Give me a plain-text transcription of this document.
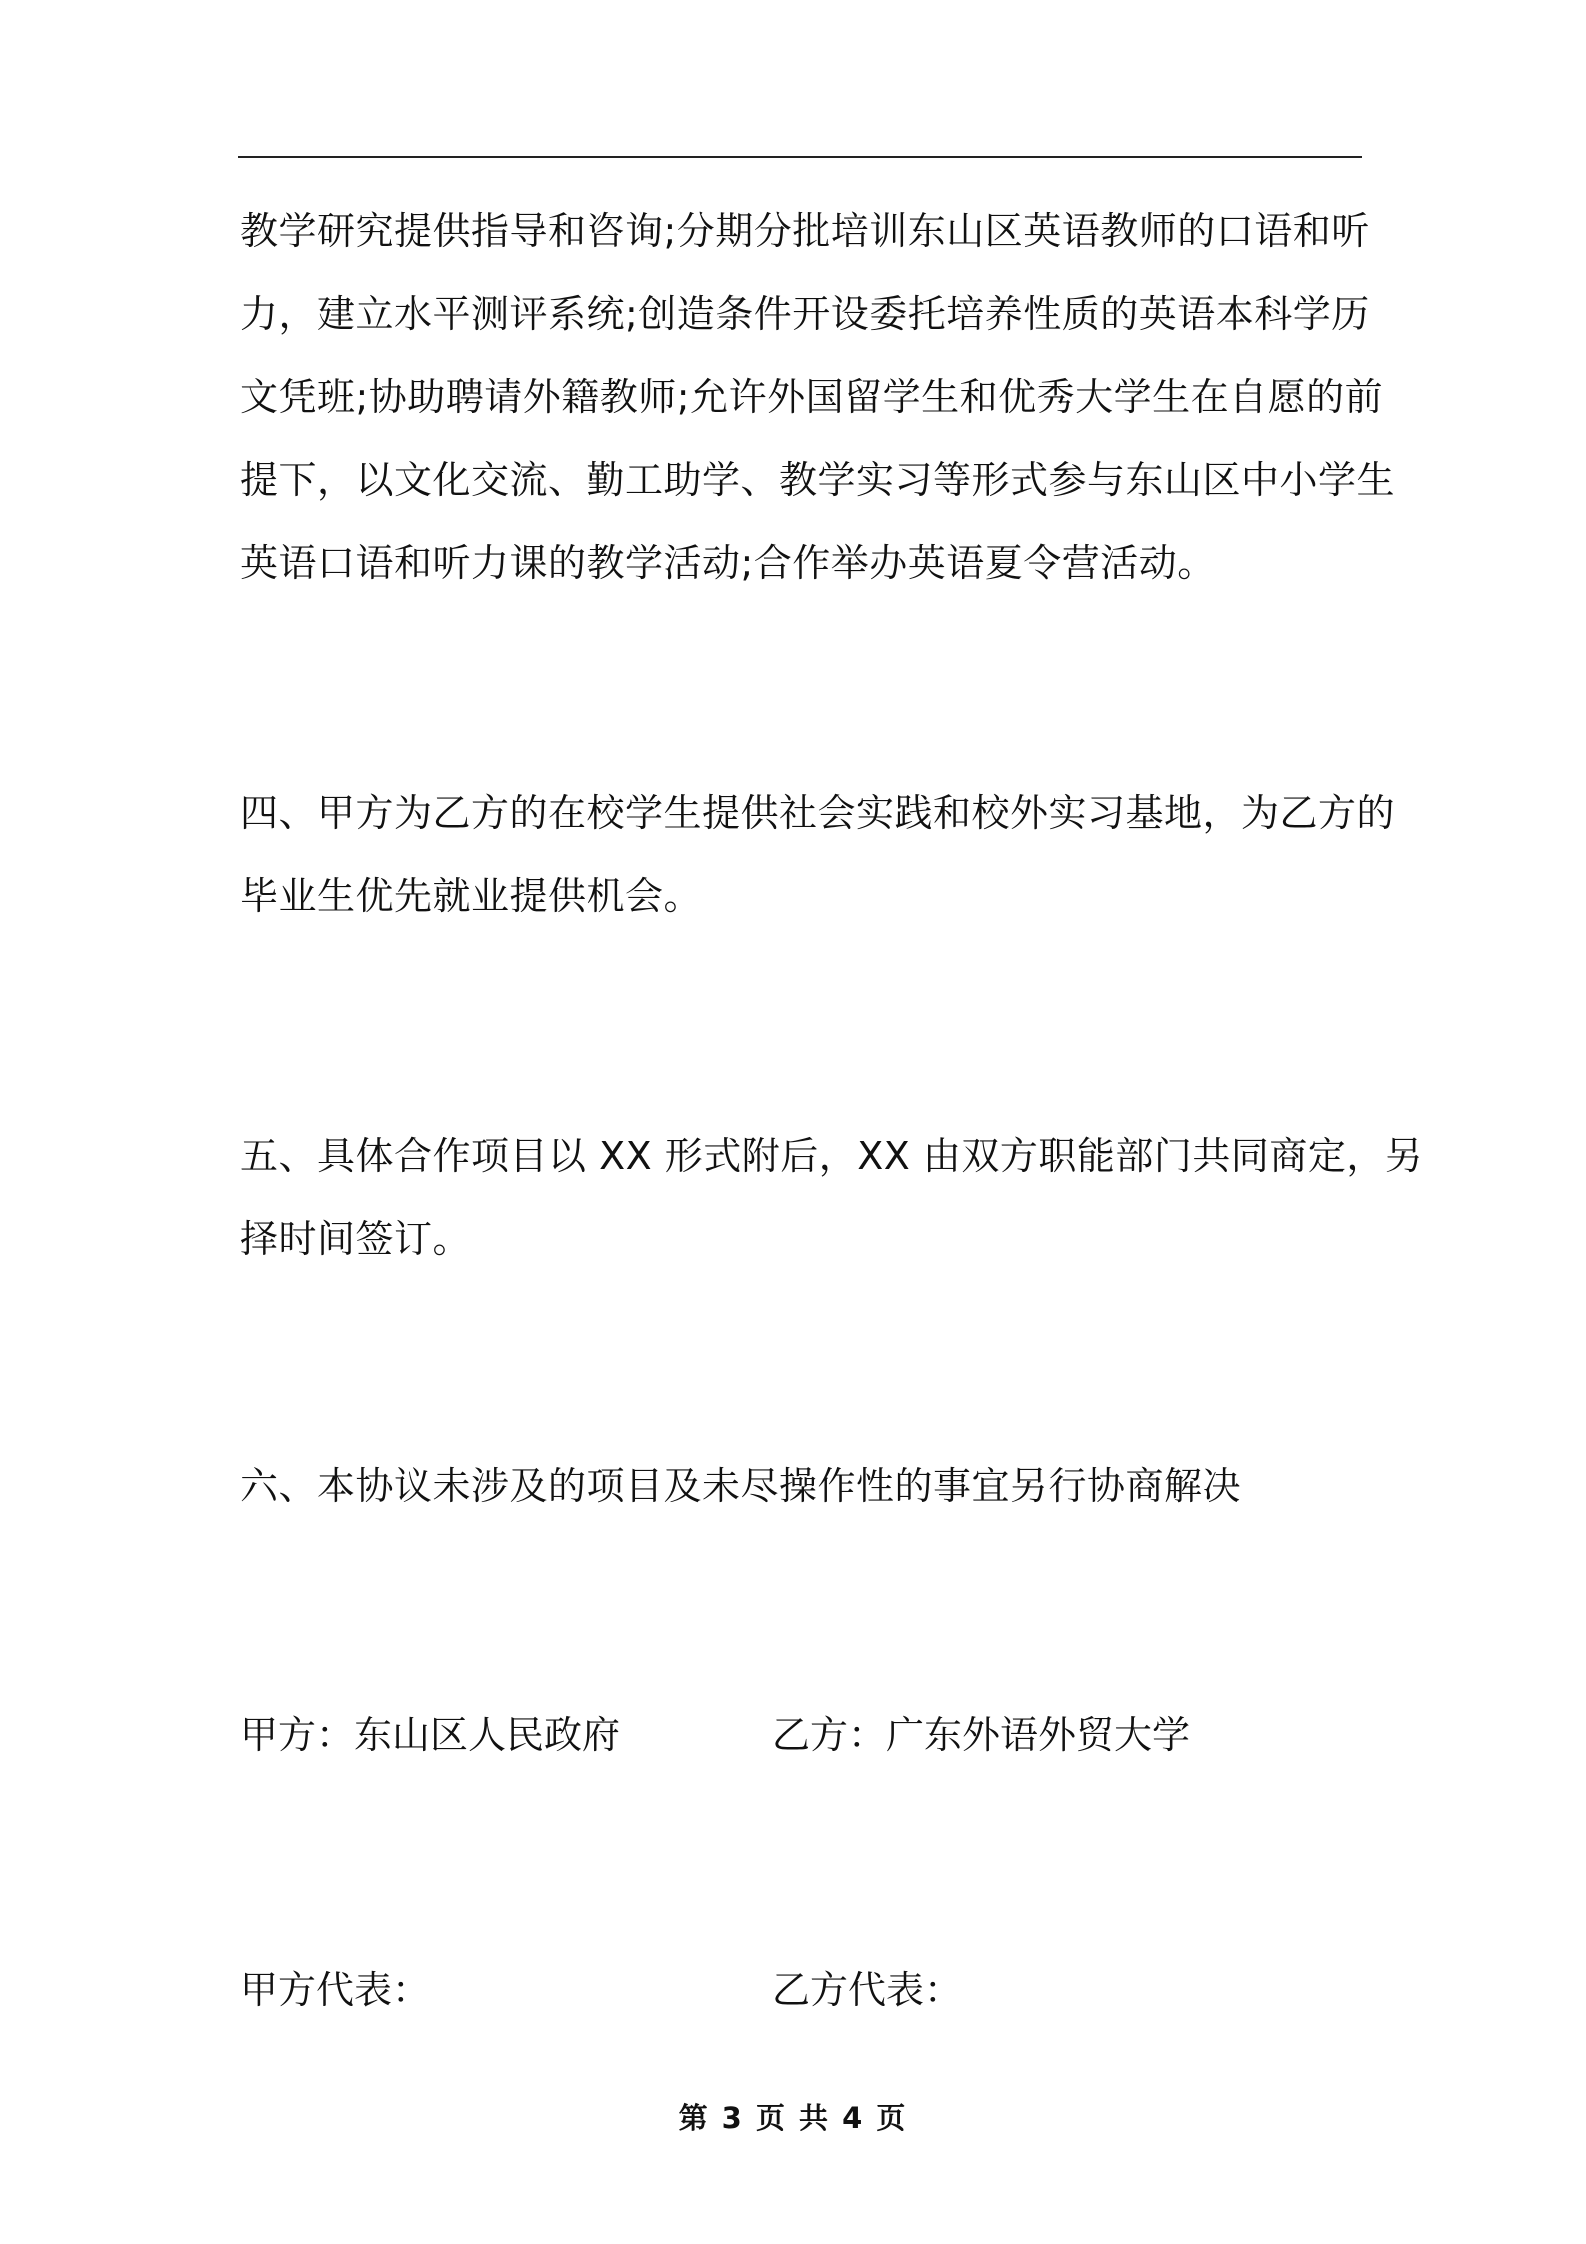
教学研究提供指导和咨询;分期分批培训东山区英语教师的口语和听
力，建立水平测评系统;创造条件开设委托培养性质的英语本科学历
文凭班;协助聘请外籍教师;允许外国留学生和优秀大学生在自愿的前
提下，以文化交流、勤工助学、教学实习等形式参与东山区中小学生
英语口语和听力课的教学活动;合作举办英语夏令营活动。

四、甲方为乙方的在校学生提供社会实践和校外实习基地，为乙方的
毕业生优先就业提供机会。

五、具体合作项目以 XX 形式附后，XX 由双方职能部门共同商定，另
择时间签订。

六、本协议未涉及的项目及未尽操作性的事宜另行协商解决

甲方：东山区人民政府	乙方：广东外语外贸大学

甲方代表：	乙方代表：

第 3 页 共 4 页
